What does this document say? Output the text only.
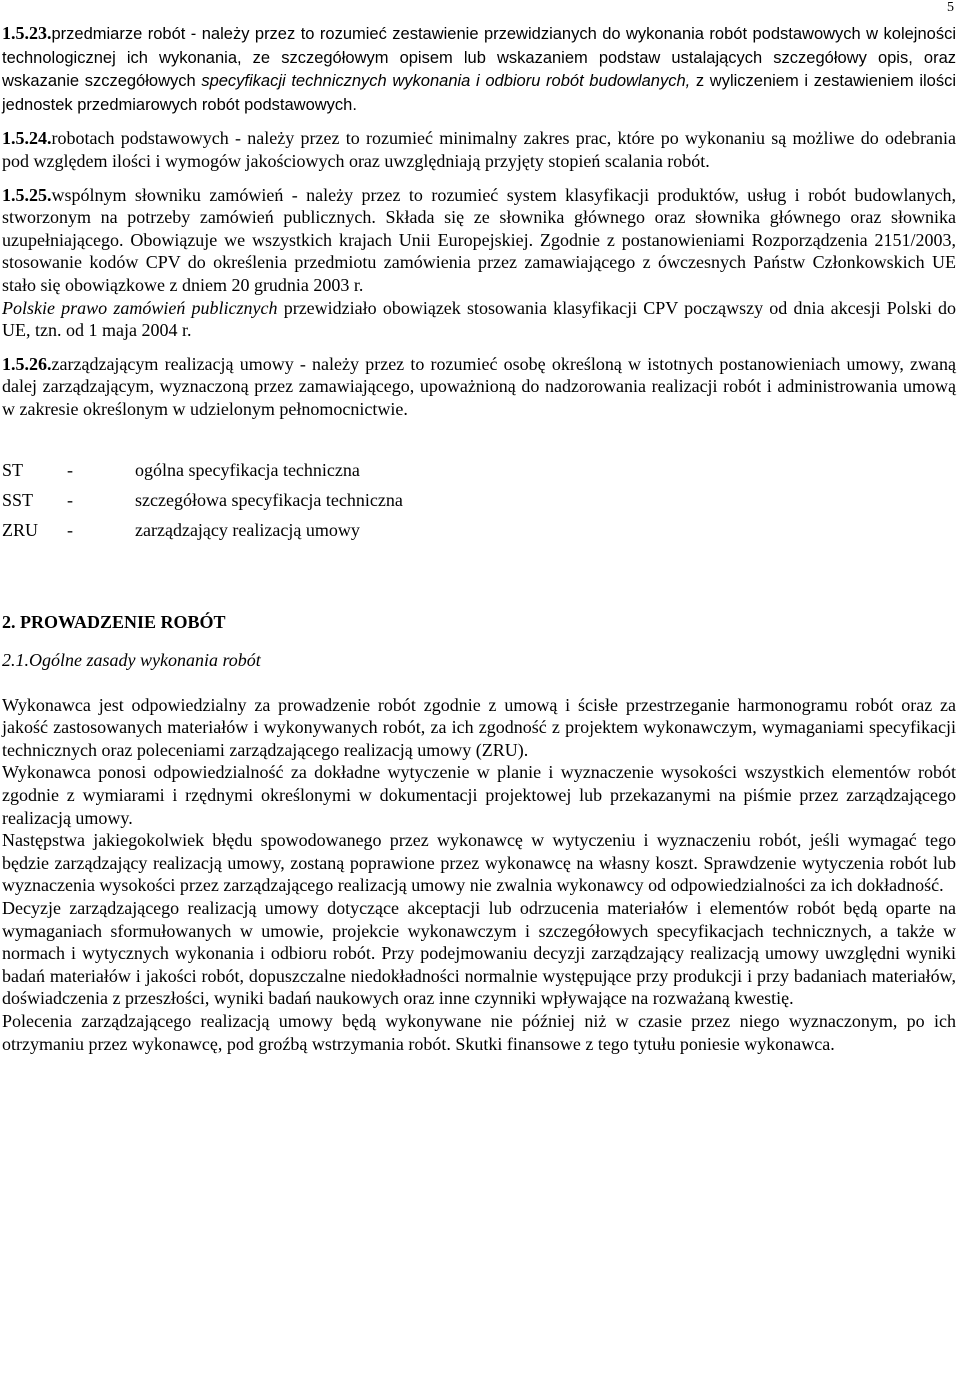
5

1.5.23.przedmiarze robót - należy przez to rozumieć zestawienie przewidzianych do wykonania robót podstawowych w kolejności technologicznej ich wykonania, ze szczegółowym opisem lub wskazaniem podstaw ustalających szczegółowy opis, oraz wskazanie szczegółowych specyfikacji technicznych wykonania i odbioru robót budowlanych, z wyliczeniem i zestawieniem ilości jednostek przedmiarowych robót podstawowych.

1.5.24.robotach podstawowych - należy przez to rozumieć minimalny zakres prac, które po wykonaniu są możliwe do odebrania pod względem ilości i wymogów jakościowych oraz uwzględniają przyjęty stopień scalania robót.

1.5.25.wspólnym słowniku zamówień - należy przez to rozumieć system klasyfikacji produktów, usług i robót budowlanych, stworzonym na potrzeby zamówień publicznych. Składa się ze słownika głównego oraz słownika głównego oraz słownika uzupełniającego. Obowiązuje we wszystkich krajach Unii Europejskiej. Zgodnie z postanowieniami Rozporządzenia 2151/2003, stosowanie kodów CPV do określenia przedmiotu zamówienia przez zamawiającego z ówczesnych Państw Członkowskich UE stało się obowiązkowe z dniem 20 grudnia 2003 r.

Polskie prawo zamówień publicznych przewidziało obowiązek stosowania klasyfikacji CPV począwszy od dnia akcesji Polski do UE, tzn. od 1 maja 2004 r.

1.5.26.zarządzającym realizacją umowy - należy przez to rozumieć osobę określoną w istotnych postanowieniach umowy, zwaną dalej zarządzającym, wyznaczoną przez zamawiającego, upoważnioną do nadzorowania realizacji robót i administrowania umową w zakresie określonym w udzielonym pełnomocnictwie.

ST	-	ogólna specyfikacja techniczna
SST	-	szczegółowa specyfikacja techniczna
ZRU	-	zarządzający realizacją umowy

2. PROWADZENIE ROBÓT

2.1.Ogólne zasady wykonania robót

Wykonawca jest odpowiedzialny za prowadzenie robót zgodnie z umową i ścisłe przestrzeganie harmonogramu robót oraz za jakość zastosowanych materiałów i wykonywanych robót, za ich zgodność z projektem wykonawczym, wymaganiami specyfikacji technicznych oraz poleceniami zarządzającego realizacją umowy (ZRU).

Wykonawca ponosi odpowiedzialność za dokładne wytyczenie w planie i wyznaczenie wysokości wszystkich elementów robót zgodnie z wymiarami i rzędnymi określonymi w dokumentacji projektowej lub przekazanymi na piśmie przez zarządzającego realizacją umowy.

Następstwa jakiegokolwiek błędu spowodowanego przez wykonawcę w wytyczeniu i wyznaczeniu robót, jeśli wymagać tego będzie zarządzający realizacją umowy, zostaną poprawione przez wykonawcę na własny koszt. Sprawdzenie wytyczenia robót lub wyznaczenia wysokości przez zarządzającego realizacją umowy nie zwalnia wykonawcy od odpowiedzialności za ich dokładność.

Decyzje zarządzającego realizacją umowy dotyczące akceptacji lub odrzucenia materiałów i elementów robót będą oparte na wymaganiach sformułowanych w umowie, projekcie wykonawczym i szczegółowych specyfikacjach technicznych, a także w normach i wytycznych wykonania i odbioru robót. Przy podejmowaniu decyzji zarządzający realizacją umowy uwzględni wyniki badań materiałów i jakości robót, dopuszczalne niedokładności normalnie występujące przy produkcji i przy badaniach materiałów, doświadczenia z przeszłości, wyniki badań naukowych oraz inne czynniki wpływające na rozważaną kwestię.

Polecenia zarządzającego realizacją umowy będą wykonywane nie później niż w czasie przez niego wyznaczonym, po ich otrzymaniu przez wykonawcę, pod groźbą wstrzymania robót. Skutki finansowe z tego tytułu poniesie wykonawca.
